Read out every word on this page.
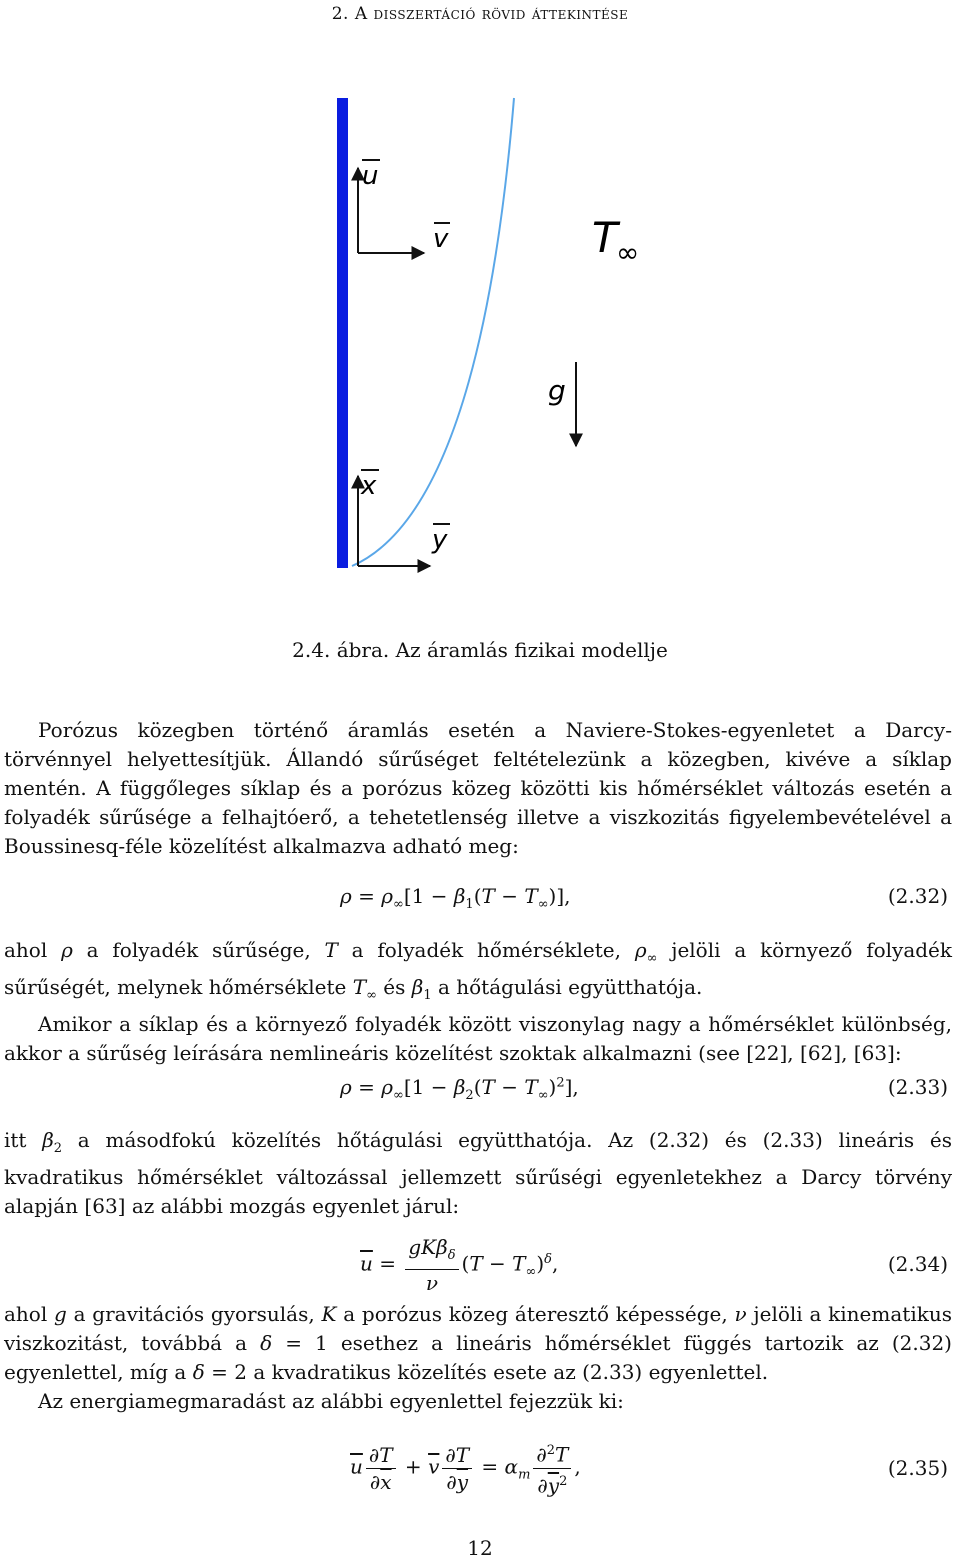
2. A disszertáció rövid áttekintése
u
v	T
∞
g
x
y
2.4. ábra. Az áramlás fizikai modellje

Porózus közegben történő áramlás esetén a Naviere-Stokes-egyenletet a Darcy-törvénnyel helyettesítjük. Állandó sűrűséget feltételezünk a közegben, kivéve a síklap mentén. A függőleges síklap és a porózus közeg közötti kis hőmérséklet változás esetén a folyadék sűrűsége a felhajtóerő, a tehetetlenség illetve a viszkozitás figyelembevételével a Boussinesq-féle közelítést alkalmazva adható meg:

$\rho = \rho_\infty[1 - \beta_1(T - T_\infty)]$,	(2.32)

ahol ρ a folyadék sűrűsége, T a folyadék hőmérséklete, $\rho_\infty$ jelöli a környező folyadék sűrűségét, melynek hőmérséklete $T_\infty$ és $\beta_1$ a hőtágulási együtthatója.

Amikor a síklap és a környező folyadék között viszonylag nagy a hőmérséklet különbség, akkor a sűrűség leírására nemlineáris közelítést szoktak alkalmazni (see [22], [62], [63]:

$\rho = \rho_\infty[1 - \beta_2(T - T_\infty)^2]$,	(2.33)

itt $\beta_2$ a másodfokú közelítés hőtágulási együtthatója. Az (2.32) és (2.33) lineáris és kvadratikus hőmérséklet változással jellemzett sűrűségi egyenletekhez a Darcy törvény alapján [63] az alábbi mozgás egyenlet járul:

$\overline{u} = \frac{gK\beta_\delta}{\nu} (T - T_\infty)^\delta$,	(2.34)

ahol g a gravitációs gyorsulás, K a porózus közeg áteresztő képessége, ν jelöli a kinematikus viszkozitást, továbbá a δ = 1 esethez a lineáris hőmérséklet függés tartozik az (2.32) egyenlettel, míg a δ = 2 a kvadratikus közelítés esete az (2.33) egyenlettel.

Az energiamegmaradást az alábbi egyenlettel fejezzük ki:

$\overline{u} \frac{\partial T}{\partial\overline{x}} + \overline{v} \frac{\partial T}{\partial\overline{y}} = \alpha_m \frac{\partial^2T}{\partial\overline{y}^2}$ ,	(2.35)
12
